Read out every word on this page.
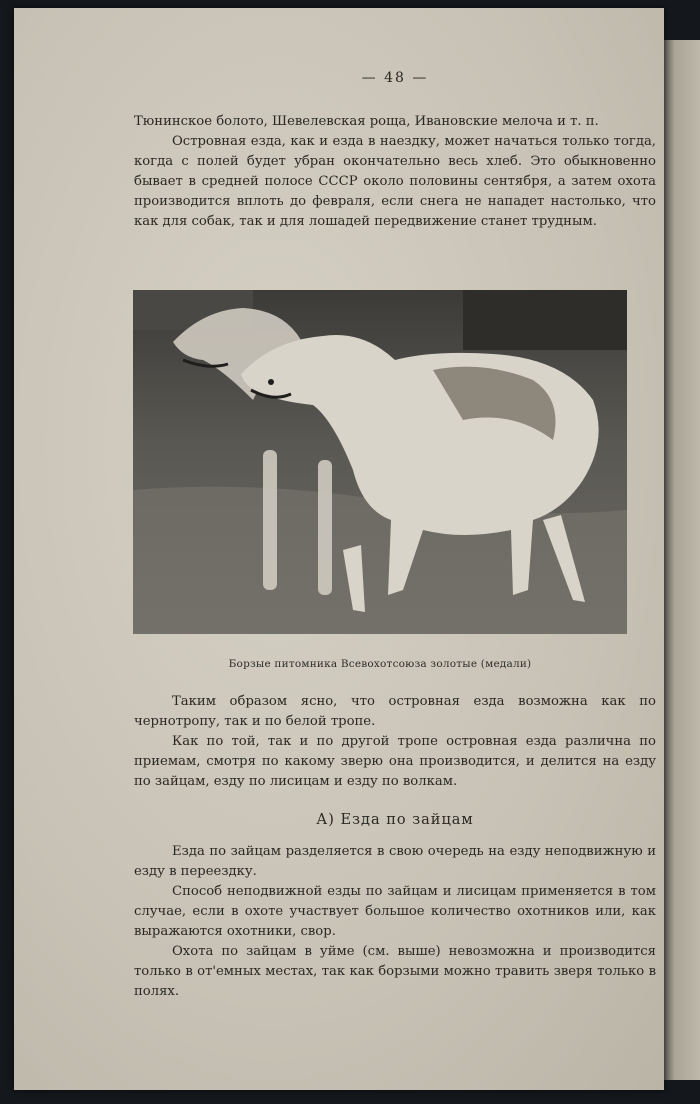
— 48 —

Тюнинское болото, Шевелевская роща, Ивановские мелоча и т. п.

Островная езда, как и езда в наездку, может начаться только тогда, когда с полей будет убран окончательно весь хлеб. Это обыкновенно бывает в средней полосе СССР около половины сентября, а затем охота производится вплоть до февраля, если снега не нападет настолько, что как для собак, так и для лошадей передвижение станет трудным.

Таким образом ясно, что островная езда возможна как по чернотропу, так и по белой тропе.

Как по той, так и по другой тропе островная езда различна по приемам, смотря по какому зверю она производится, и делится на езду по зайцам, езду по лисицам и езду по волкам.

А) Езда по зайцам

Езда по зайцам разделяется в свою очередь на езду неподвижную и езду в переездку.

Способ неподвижной езды по зайцам и лисицам применяется в том случае, если в охоте участвует большое количество охотников или, как выражаются охотники, свор.

Охота по зайцам в уйме (см. выше) невозможна и производится только в от'емных местах, так как борзыми можно травить зверя только в полях.

Борзые питомника Всевохотсоюза золотые (медали)
